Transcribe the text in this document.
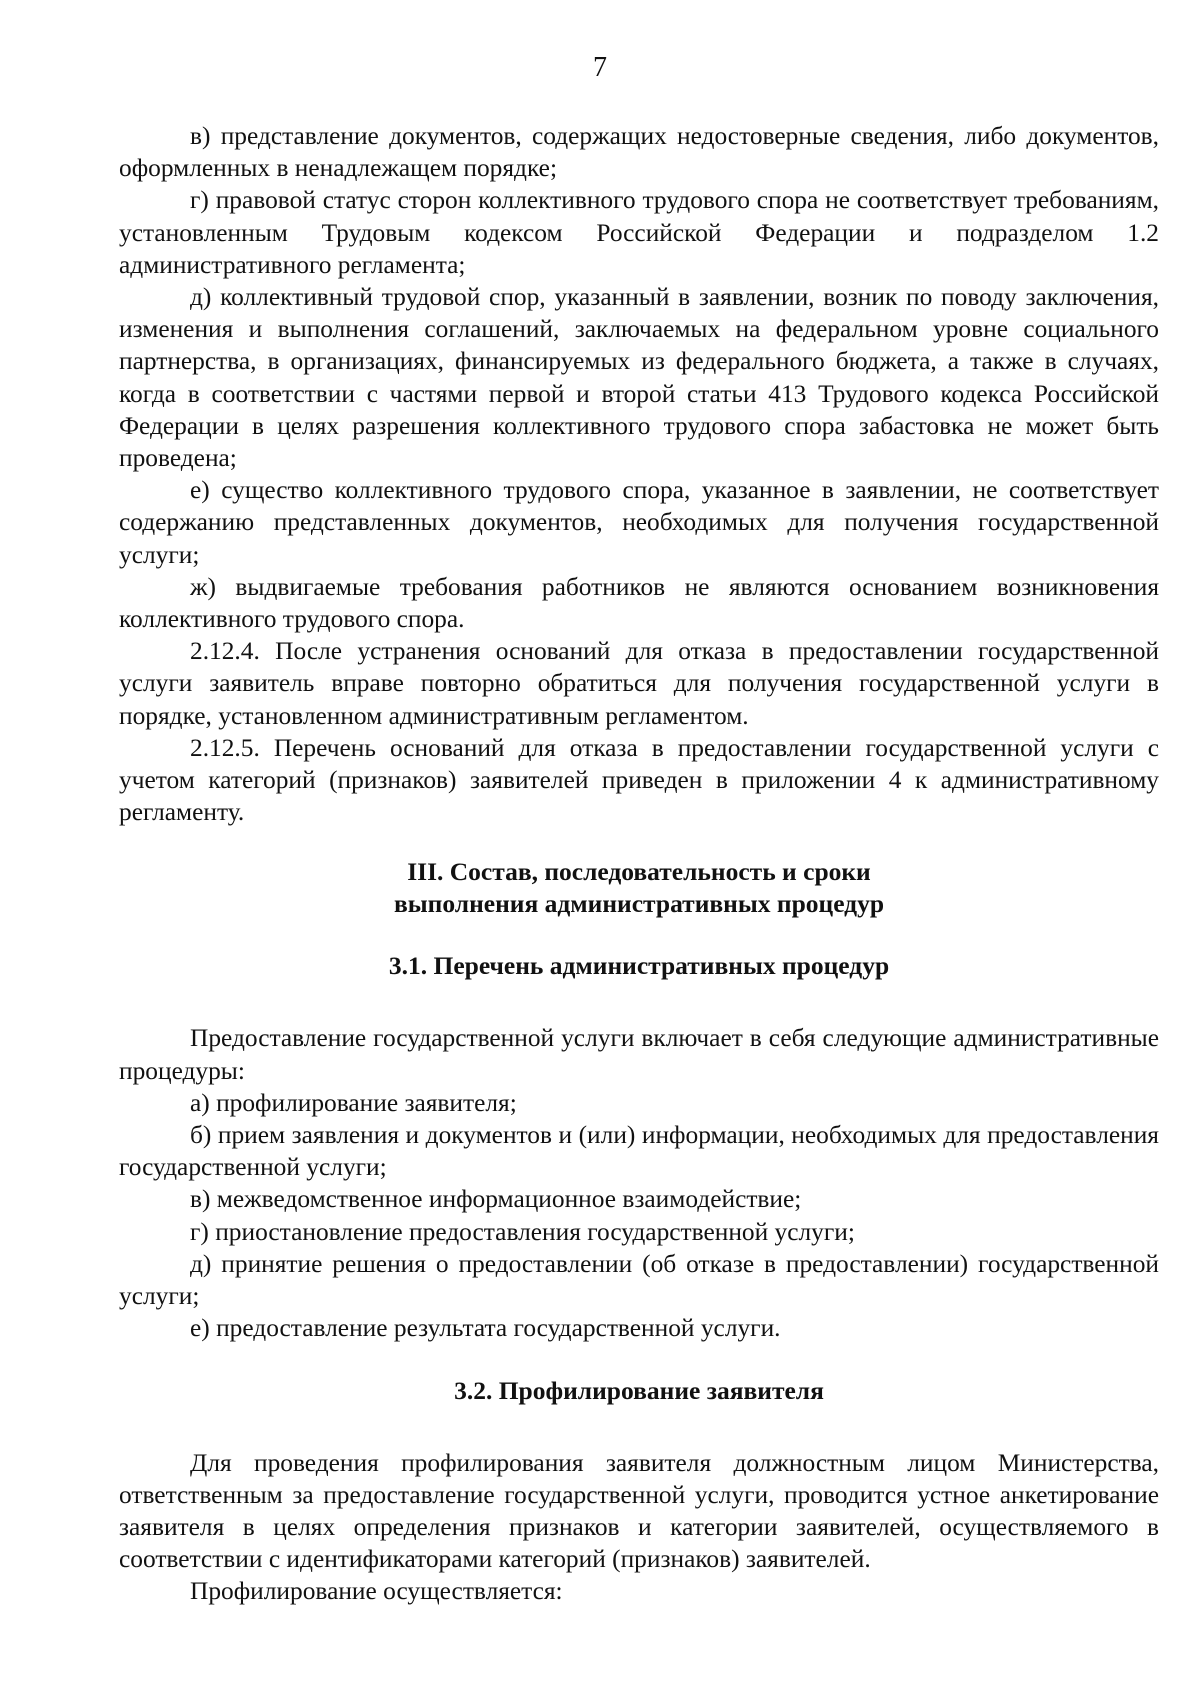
7

в) представление документов, содержащих недостоверные сведения, либо документов, оформленных в ненадлежащем порядке;

г) правовой статус сторон коллективного трудового спора не соответствует требованиям, установленным Трудовым кодексом Российской Федерации и подразделом 1.2 административного регламента;

д) коллективный трудовой спор, указанный в заявлении, возник по поводу заключения, изменения и выполнения соглашений, заключаемых на федеральном уровне социального партнерства, в организациях, финансируемых из федерального бюджета, а также в случаях, когда в соответствии с частями первой и второй статьи 413 Трудового кодекса Российской Федерации в целях разрешения коллективного трудового спора забастовка не может быть проведена;

е) существо коллективного трудового спора, указанное в заявлении, не соответствует содержанию представленных документов, необходимых для получения государственной услуги;

ж) выдвигаемые требования работников не являются основанием возникновения коллективного трудового спора.

2.12.4. После устранения оснований для отказа в предоставлении государственной услуги заявитель вправе повторно обратиться для получения государственной услуги в порядке, установленном административным регламентом.

2.12.5. Перечень оснований для отказа в предоставлении государственной услуги с учетом категорий (признаков) заявителей приведен в приложении 4 к административному регламенту.

III. Состав, последовательность и сроки
выполнения административных процедур
3.1. Перечень административных процедур

Предоставление государственной услуги включает в себя следующие административные процедуры:

а) профилирование заявителя;

б) прием заявления и документов и (или) информации, необходимых для предоставления государственной услуги;

в) межведомственное информационное взаимодействие;

г) приостановление предоставления государственной услуги;

д) принятие решения о предоставлении (об отказе в предоставлении) государственной услуги;

е) предоставление результата государственной услуги.

3.2. Профилирование заявителя

Для проведения профилирования заявителя должностным лицом Министерства, ответственным за предоставление государственной услуги, проводится устное анкетирование заявителя в целях определения признаков и категории заявителей, осуществляемого в соответствии с идентификаторами категорий (признаков) заявителей.

Профилирование осуществляется:
